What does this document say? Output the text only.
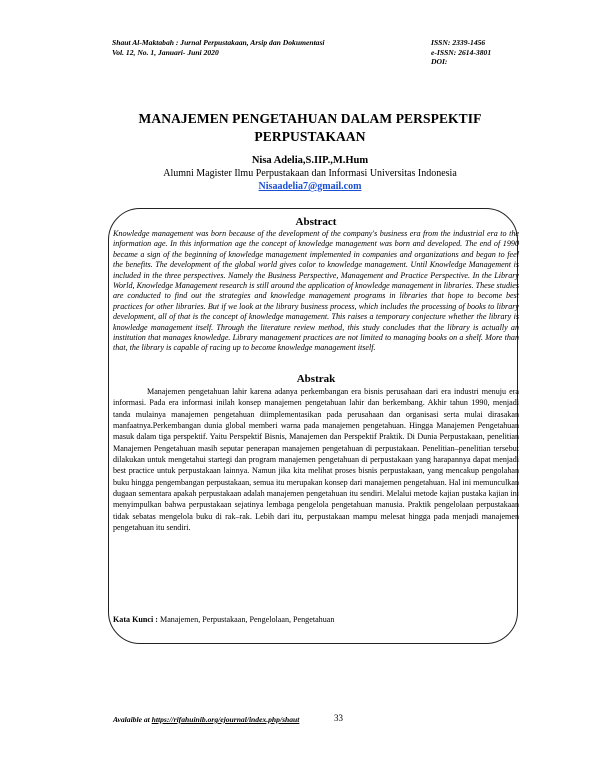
Shaut Al-Maktabah : Jurnal Perpustakaan, Arsip dan Dokumentasi
Vol. 12, No. 1, Januari- Juni 2020
ISSN: 2339-1456
e-ISSN: 2614-3801
DOI:
MANAJEMEN PENGETAHUAN DALAM PERSPEKTIF
PERPUSTAKAAN
Nisa Adelia,S.IIP.,M.Hum
Alumni Magister Ilmu Perpustakaan dan Informasi Universitas Indonesia
Nisaadelia7@gmail.com
Abstract

Knowledge management was born because of the development of the company's business era from the industrial era to the information age. In this information age the concept of knowledge management was born and developed. The end of 1990 became a sign of the beginning of knowledge management implemented in companies and organizations and began to feel the benefits. The development of the global world gives color to knowledge management. Until Knowledge Management is included in the three perspectives. Namely the Business Perspective, Management and Practice Perspective. In the Library World, Knowledge Management research is still around the application of knowledge management in libraries. These studies are conducted to find out the strategies and knowledge management programs in libraries that hope to become best practices for other libraries. But if we look at the library business process, which includes the processing of books to library development, all of that is the concept of knowledge management. This raises a temporary conjecture whether the library is knowledge management itself. Through the literature review method, this study concludes that the library is actually an institution that manages knowledge. Library management practices are not limited to managing books on a shelf. More than that, the library is capable of racing up to become knowledge management itself.

Abstrak

Manajemen pengetahuan lahir karena adanya perkembangan era bisnis perusahaan dari era industri menuju era informasi. Pada era informasi inilah konsep manajemen pengetahuan lahir dan berkembang. Akhir tahun 1990, menjadi tanda mulainya manajemen pengetahuan diimplementasikan pada perusahaan dan organisasi serta mulai dirasakan manfaatnya.Perkembangan dunia global memberi warna pada manajemen pengetahuan. Hingga Manajemen Pengetahuan masuk dalam tiga perspektif. Yaitu Perspektif Bisnis, Manajemen dan Perspektif Praktik. Di Dunia Perpustakaan, penelitian Manajemen Pengetahuan masih seputar penerapan manajemen pengetahuan di perpustakaan. Penelitian–penelitian tersebut dilakukan untuk mengetahui startegi dan program manajemen pengetahuan di perpustakaan yang harapannya dapat menjadi best practice untuk perpustakaan lainnya. Namun jika kita melihat proses bisnis perpustakaan, yang mencakup pengolahan buku hingga pengembangan perpustakaan, semua itu merupakan konsep dari manajemen pengetahuan. Hal ini memunculkan dugaan sementara apakah perpustakaan adalah manajemen pengetahuan itu sendiri. Melalui metode kajian pustaka kajian ini menyimpulkan bahwa perpustakaan sejatinya lembaga pengelola pengetahuan manusia. Praktik pengelolaan perpustakaan tidak sebatas mengelola buku di rak–rak. Lebih dari itu, perpustakaan mampu melesat hingga pada menjadi manajemen pengetahuan itu sendiri.

Kata Kunci : Manajemen, Perpustakaan, Pengelolaan, Pengetahuan
Avalaible at https://rifahuinib.org/ejournal/index.php/shaut	33
